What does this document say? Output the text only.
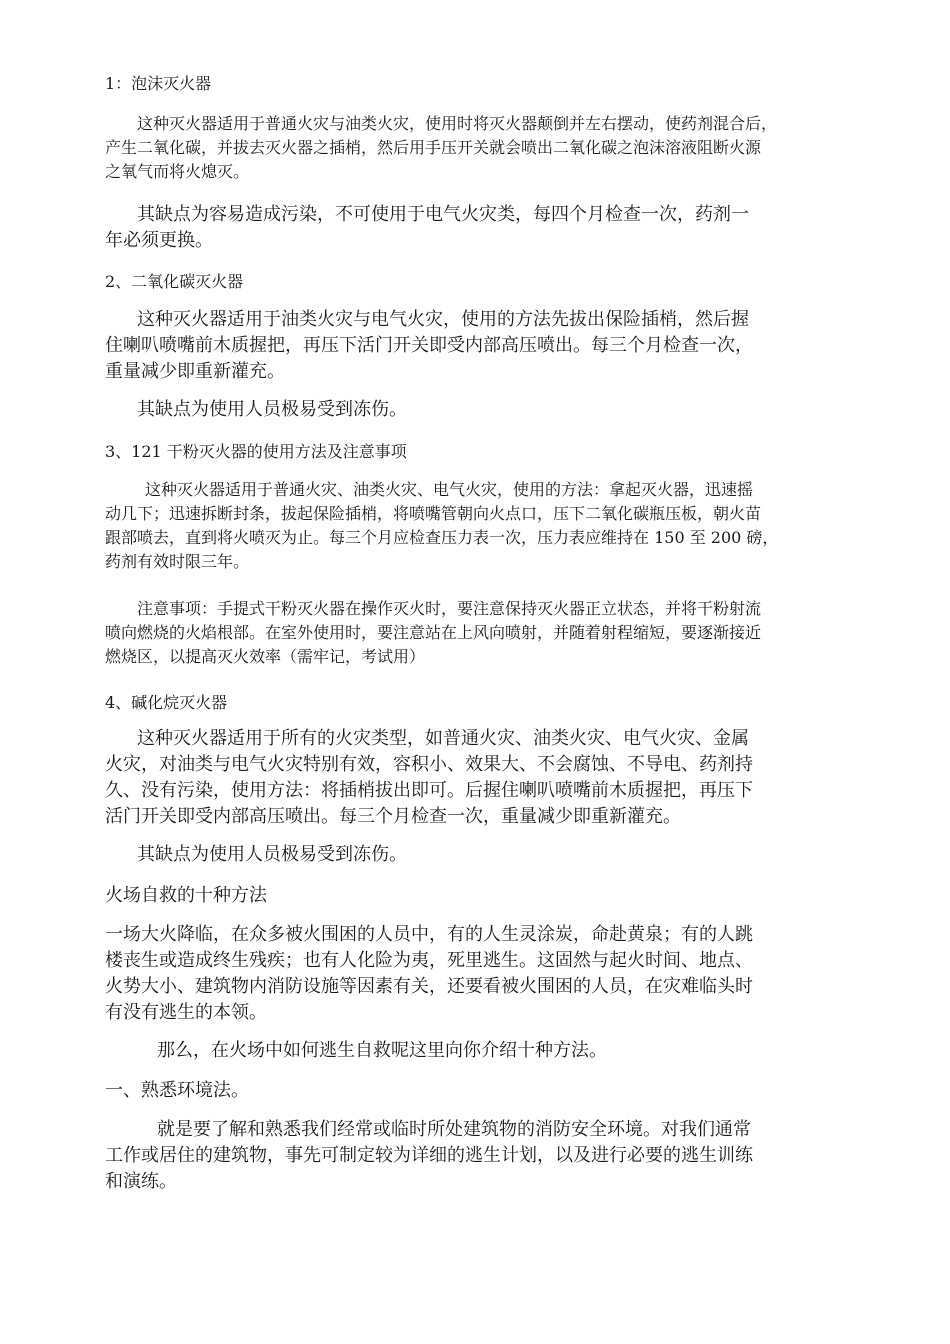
1：泡沫灭火器

这种灭火器适用于普通火灾与油类火灾，使用时将灭火器颠倒并左右摆动，使药剂混合后，
产生二氧化碳，并拔去灭火器之插梢，然后用手压开关就会喷出二氧化碳之泡沫溶液阻断火源
之氧气而将火熄灭。

其缺点为容易造成污染，不可使用于电气火灾类，每四个月检查一次，药剂一
年必须更换。

2、二氧化碳灭火器

这种灭火器适用于油类火灾与电气火灾，使用的方法先拔出保险插梢，然后握
住喇叭喷嘴前木质握把，再压下活门开关即受内部高压喷出。每三个月检查一次，
重量减少即重新灌充。

其缺点为使用人员极易受到冻伤。

3、121 干粉灭火器的使用方法及注意事项

这种灭火器适用于普通火灾、油类火灾、电气火灾，使用的方法：拿起灭火器，迅速摇
动几下；迅速拆断封条，拔起保险插梢，将喷嘴管朝向火点口，压下二氧化碳瓶压板，朝火苗
跟部喷去，直到将火喷灭为止。每三个月应检查压力表一次，压力表应维持在 150 至 200 磅，
药剂有效时限三年。

注意事项：手提式干粉灭火器在操作灭火时，要注意保持灭火器正立状态，并将干粉射流
喷向燃烧的火焰根部。在室外使用时，要注意站在上风向喷射，并随着射程缩短，要逐渐接近
燃烧区，以提高灭火效率（需牢记，考试用）

4、碱化烷灭火器

这种灭火器适用于所有的火灾类型，如普通火灾、油类火灾、电气火灾、金属
火灾，对油类与电气火灾特别有效，容积小、效果大、不会腐蚀、不导电、药剂持
久、没有污染，使用方法：将插梢拔出即可。后握住喇叭喷嘴前木质握把，再压下
活门开关即受内部高压喷出。每三个月检查一次，重量减少即重新灌充。

其缺点为使用人员极易受到冻伤。

火场自救的十种方法

一场大火降临，在众多被火围困的人员中，有的人生灵涂炭，命赴黄泉；有的人跳
楼丧生或造成终生残疾；也有人化险为夷，死里逃生。这固然与起火时间、地点、
火势大小、建筑物内消防设施等因素有关，还要看被火围困的人员，在灾难临头时
有没有逃生的本领。

那么，在火场中如何逃生自救呢这里向你介绍十种方法。

一、熟悉环境法。

就是要了解和熟悉我们经常或临时所处建筑物的消防安全环境。对我们通常
工作或居住的建筑物，事先可制定较为详细的逃生计划，以及进行必要的逃生训练
和演练。
